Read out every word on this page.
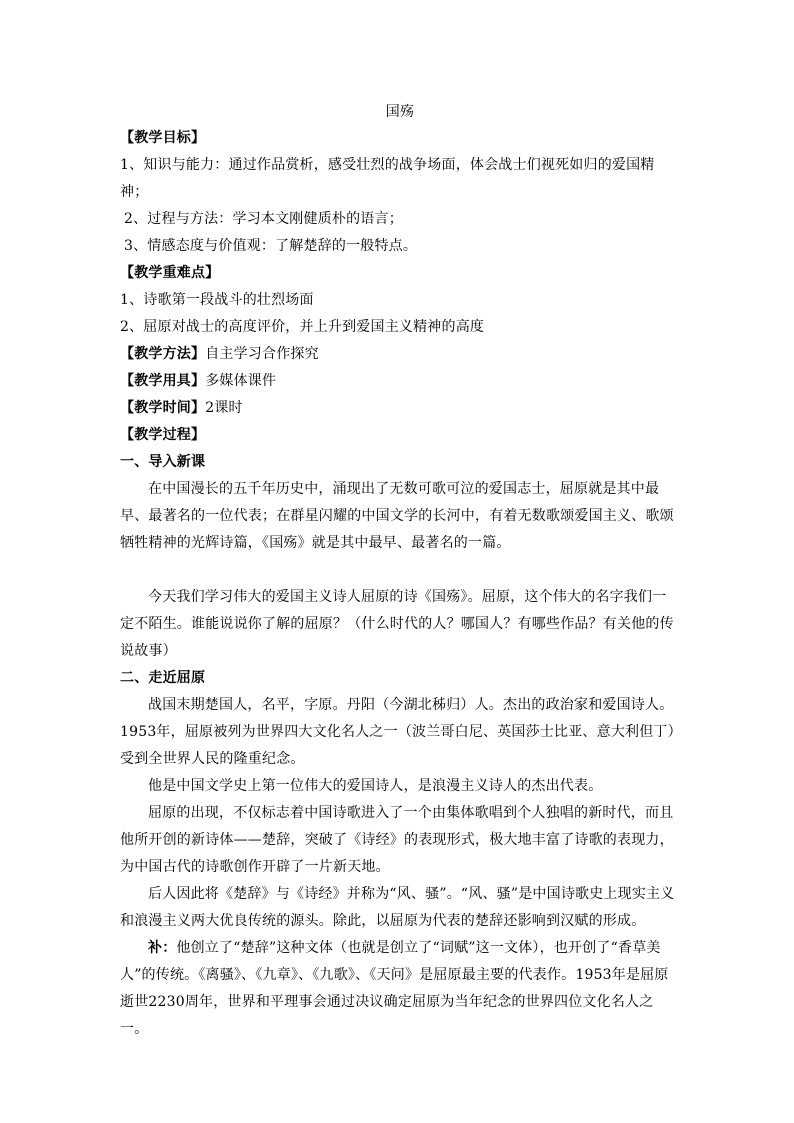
国殇
【教学目标】
1、知识与能力：通过作品赏析，感受壮烈的战争场面，体会战士们视死如归的爱国精神；
2、过程与方法：学习本文刚健质朴的语言；
3、情感态度与价值观：了解楚辞的一般特点。
【教学重难点】
1、诗歌第一段战斗的壮烈场面
2、屈原对战士的高度评价，并上升到爱国主义精神的高度
【教学方法】自主学习合作探究
【教学用具】多媒体课件
【教学时间】2课时
【教学过程】
一、导入新课
在中国漫长的五千年历史中，涌现出了无数可歌可泣的爱国志士，屈原就是其中最早、最著名的一位代表；在群星闪耀的中国文学的长河中，有着无数歌颂爱国主义、歌颂牺牲精神的光辉诗篇，《国殇》就是其中最早、最著名的一篇。
今天我们学习伟大的爱国主义诗人屈原的诗《国殇》。屈原，这个伟大的名字我们一定不陌生。谁能说说你了解的屈原？（什么时代的人？哪国人？有哪些作品？有关他的传说故事）
二、走近屈原
战国末期楚国人，名平，字原。丹阳（今湖北秭归）人。杰出的政治家和爱国诗人。1953年，屈原被列为世界四大文化名人之一（波兰哥白尼、英国莎士比亚、意大利但丁）受到全世界人民的隆重纪念。
他是中国文学史上第一位伟大的爱国诗人，是浪漫主义诗人的杰出代表。
屈原的出现，不仅标志着中国诗歌进入了一个由集体歌唱到个人独唱的新时代，而且他所开创的新诗体——楚辞，突破了《诗经》的表现形式，极大地丰富了诗歌的表现力，为中国古代的诗歌创作开辟了一片新天地。
后人因此将《楚辞》与《诗经》并称为“风、骚”。“风、骚”是中国诗歌史上现实主义和浪漫主义两大优良传统的源头。除此，以屈原为代表的楚辞还影响到汉赋的形成。
补：他创立了“楚辞”这种文体（也就是创立了“词赋”这一文体），也开创了“香草美人”的传统。《离骚》、《九章》、《九歌》、《天问》是屈原最主要的代表作。1953年是屈原逝世2230周年，世界和平理事会通过决议确定屈原为当年纪念的世界四位文化名人之一。
